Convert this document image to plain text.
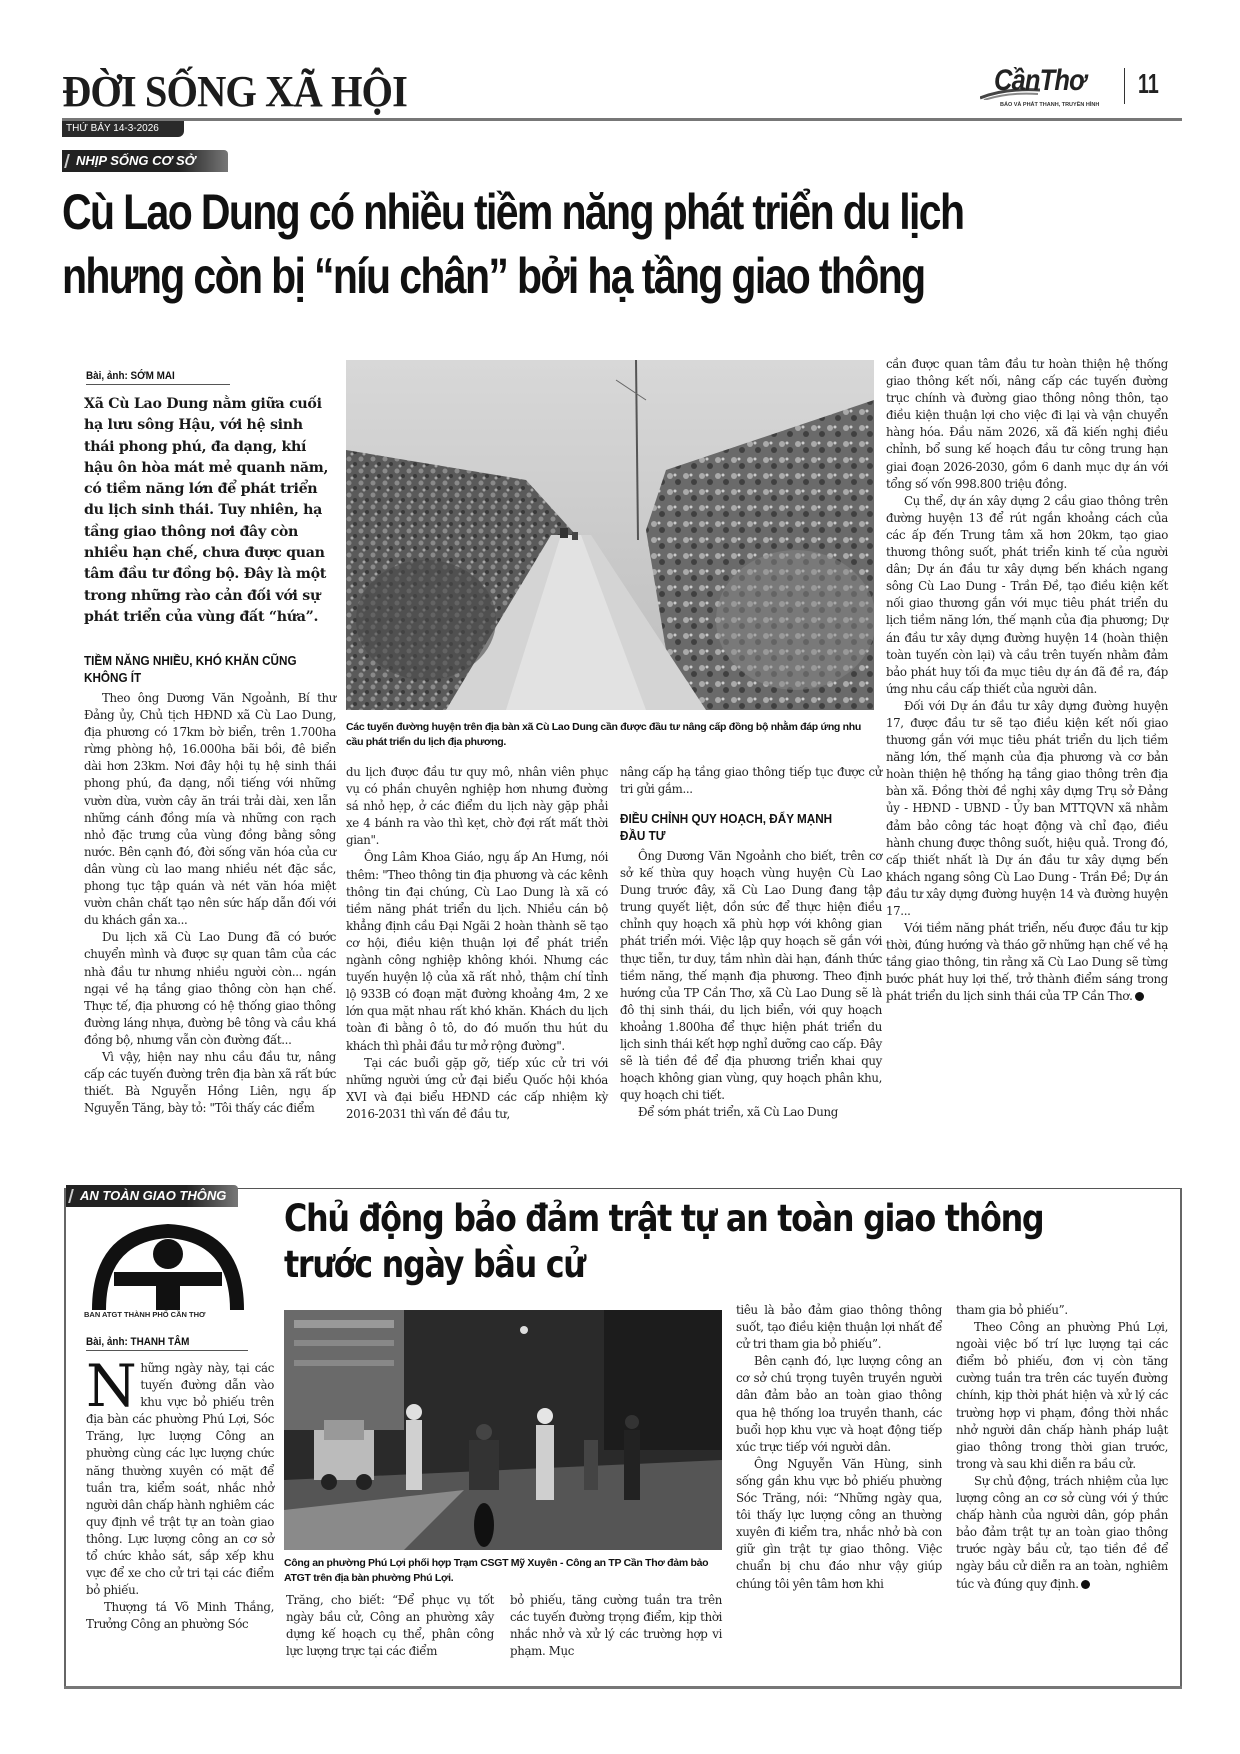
ĐỜI SỐNG XÃ HỘI
THỨ BẢY 14-3-2026
CầnThơ
BÁO VÀ PHÁT THANH, TRUYỀN HÌNH
11
NHỊP SỐNG CƠ SỞ
Cù Lao Dung có nhiều tiềm năng phát triển du lịch
nhưng còn bị “níu chân” bởi hạ tầng giao thông
Bài, ảnh: SỚM MAI
Xã Cù Lao Dung nằm giữa cuối hạ lưu sông Hậu, với hệ sinh thái phong phú, đa dạng, khí hậu ôn hòa mát mẻ quanh năm, có tiềm năng lớn để phát triển du lịch sinh thái. Tuy nhiên, hạ tầng giao thông nơi đây còn nhiều hạn chế, chưa được quan tâm đầu tư đồng bộ. Đây là một trong những rào cản đối với sự phát triển của vùng đất “hứa”.
TIỀM NĂNG NHIỀU, KHÓ KHĂN CŨNG KHÔNG ÍT

Theo ông Dương Văn Ngoảnh, Bí thư Đảng ủy, Chủ tịch HĐND xã Cù Lao Dung, địa phương có 17km bờ biển, trên 1.700ha rừng phòng hộ, 16.000ha bãi bồi, đê biển dài hơn 23km. Nơi đây hội tụ hệ sinh thái phong phú, đa dạng, nổi tiếng với những vườn dừa, vườn cây ăn trái trải dài, xen lẫn những cánh đồng mía và những con rạch nhỏ đặc trưng của vùng đồng bằng sông nước. Bên cạnh đó, đời sống văn hóa của cư dân vùng cù lao mang nhiều nét đặc sắc, phong tục tập quán và nét văn hóa miệt vườn chân chất tạo nên sức hấp dẫn đối với du khách gần xa...

Du lịch xã Cù Lao Dung đã có bước chuyển mình và được sự quan tâm của các nhà đầu tư nhưng nhiều người còn... ngán ngại về hạ tầng giao thông còn hạn chế. Thực tế, địa phương có hệ thống giao thông đường láng nhựa, đường bê tông và cầu khá đồng bộ, nhưng vẫn còn đường đất...

Vì vậy, hiện nay nhu cầu đầu tư, nâng cấp các tuyến đường trên địa bàn xã rất bức thiết. Bà Nguyễn Hồng Liên, ngụ ấp Nguyễn Tăng, bày tỏ: "Tôi thấy các điểm

Các tuyến đường huyện trên địa bàn xã Cù Lao Dung cần được đầu tư nâng cấp đồng bộ nhằm đáp ứng nhu cầu phát triển du lịch địa phương.

du lịch được đầu tư quy mô, nhân viên phục vụ có phần chuyên nghiệp hơn nhưng đường sá nhỏ hẹp, ở các điểm du lịch này gặp phải xe 4 bánh ra vào thì kẹt, chờ đợi rất mất thời gian".

Ông Lâm Khoa Giáo, ngụ ấp An Hưng, nói thêm: "Theo thông tin địa phương và các kênh thông tin đại chúng, Cù Lao Dung là xã có tiềm năng phát triển du lịch. Nhiều cán bộ khẳng định cầu Đại Ngãi 2 hoàn thành sẽ tạo cơ hội, điều kiện thuận lợi để phát triển ngành công nghiệp không khói. Nhưng các tuyến huyện lộ của xã rất nhỏ, thậm chí tỉnh lộ 933B có đoạn mặt đường khoảng 4m, 2 xe lớn qua mặt nhau rất khó khăn. Khách du lịch toàn đi bằng ô tô, do đó muốn thu hút du khách thì phải đầu tư mở rộng đường".

Tại các buổi gặp gỡ, tiếp xúc cử tri với những người ứng cử đại biểu Quốc hội khóa XVI và đại biểu HĐND các cấp nhiệm kỳ 2016-2031 thì vấn đề đầu tư,

nâng cấp hạ tầng giao thông tiếp tục được cử tri gửi gắm...

ĐIỀU CHỈNH QUY HOẠCH, ĐẨY MẠNH ĐẦU TƯ

Ông Dương Văn Ngoảnh cho biết, trên cơ sở kế thừa quy hoạch vùng huyện Cù Lao Dung trước đây, xã Cù Lao Dung đang tập trung quyết liệt, dồn sức để thực hiện điều chỉnh quy hoạch xã phù hợp với không gian phát triển mới. Việc lập quy hoạch sẽ gắn với thực tiễn, tư duy, tầm nhìn dài hạn, đánh thức tiềm năng, thế mạnh địa phương. Theo định hướng của TP Cần Thơ, xã Cù Lao Dung sẽ là đô thị sinh thái, du lịch biển, với quy hoạch khoảng 1.800ha để thực hiện phát triển du lịch sinh thái kết hợp nghỉ dưỡng cao cấp. Đây sẽ là tiền đề để địa phương triển khai quy hoạch không gian vùng, quy hoạch phân khu, quy hoạch chi tiết.

Để sớm phát triển, xã Cù Lao Dung

cần được quan tâm đầu tư hoàn thiện hệ thống giao thông kết nối, nâng cấp các tuyến đường trục chính và đường giao thông nông thôn, tạo điều kiện thuận lợi cho việc đi lại và vận chuyển hàng hóa. Đầu năm 2026, xã đã kiến nghị điều chỉnh, bổ sung kế hoạch đầu tư công trung hạn giai đoạn 2026-2030, gồm 6 danh mục dự án với tổng số vốn 998.800 triệu đồng.

Cụ thể, dự án xây dựng 2 cầu giao thông trên đường huyện 13 để rút ngắn khoảng cách của các ấp đến Trung tâm xã hơn 20km, tạo giao thương thông suốt, phát triển kinh tế của người dân; Dự án đầu tư xây dựng bến khách ngang sông Cù Lao Dung - Trần Đề, tạo điều kiện kết nối giao thương gắn với mục tiêu phát triển du lịch tiềm năng lớn, thế mạnh của địa phương; Dự án đầu tư xây dựng đường huyện 14 (hoàn thiện toàn tuyến còn lại) và cầu trên tuyến nhằm đảm bảo phát huy tối đa mục tiêu dự án đã đề ra, đáp ứng nhu cầu cấp thiết của người dân.

Đối với Dự án đầu tư xây dựng đường huyện 17, được đầu tư sẽ tạo điều kiện kết nối giao thương gắn với mục tiêu phát triển du lịch tiềm năng lớn, thế mạnh của địa phương và cơ bản hoàn thiện hệ thống hạ tầng giao thông trên địa bàn xã. Đồng thời đề nghị xây dựng Trụ sở Đảng ủy - HĐND - UBND - Ủy ban MTTQVN xã nhằm đảm bảo công tác hoạt động và chỉ đạo, điều hành chung được thông suốt, hiệu quả. Trong đó, cấp thiết nhất là Dự án đầu tư xây dựng bến khách ngang sông Cù Lao Dung - Trần Đề; Dự án đầu tư xây dựng đường huyện 14 và đường huyện 17...

Với tiềm năng phát triển, nếu được đầu tư kịp thời, đúng hướng và tháo gỡ những hạn chế về hạ tầng giao thông, tin rằng xã Cù Lao Dung sẽ từng bước phát huy lợi thế, trở thành điểm sáng trong phát triển du lịch sinh thái của TP Cần Thơ.

AN TOÀN GIAO THÔNG
BAN ATGT THÀNH PHỐ CẦN THƠ
Chủ động bảo đảm trật tự an toàn giao thông trước ngày bầu cử
Bài, ảnh: THANH TÂM

Những ngày này, tại các tuyến đường dẫn vào khu vực bỏ phiếu trên địa bàn các phường Phú Lợi, Sóc Trăng, lực lượng Công an phường cùng các lực lượng chức năng thường xuyên có mặt để tuần tra, kiểm soát, nhắc nhở người dân chấp hành nghiêm các quy định về trật tự an toàn giao thông. Lực lượng công an cơ sở tổ chức khảo sát, sắp xếp khu vực để xe cho cử tri tại các điểm bỏ phiếu.

Thượng tá Võ Minh Thắng, Trưởng Công an phường Sóc

Công an phường Phú Lợi phối hợp Trạm CSGT Mỹ Xuyên - Công an TP Cần Thơ đảm bảo ATGT trên địa bàn phường Phú Lợi.

Trăng, cho biết: “Để phục vụ tốt ngày bầu cử, Công an phường xây dựng kế hoạch cụ thể, phân công lực lượng trực tại các điểm

bỏ phiếu, tăng cường tuần tra trên các tuyến đường trọng điểm, kịp thời nhắc nhở và xử lý các trường hợp vi phạm. Mục

tiêu là bảo đảm giao thông thông suốt, tạo điều kiện thuận lợi nhất để cử tri tham gia bỏ phiếu”.

Bên cạnh đó, lực lượng công an cơ sở chú trọng tuyên truyền người dân đảm bảo an toàn giao thông qua hệ thống loa truyền thanh, các buổi họp khu vực và hoạt động tiếp xúc trực tiếp với người dân.

Ông Nguyễn Văn Hùng, sinh sống gần khu vực bỏ phiếu phường Sóc Trăng, nói: “Những ngày qua, tôi thấy lực lượng công an thường xuyên đi kiểm tra, nhắc nhở bà con giữ gìn trật tự giao thông. Việc chuẩn bị chu đáo như vậy giúp chúng tôi yên tâm hơn khi

tham gia bỏ phiếu”.

Theo Công an phường Phú Lợi, ngoài việc bố trí lực lượng tại các điểm bỏ phiếu, đơn vị còn tăng cường tuần tra trên các tuyến đường chính, kịp thời phát hiện và xử lý các trường hợp vi phạm, đồng thời nhắc nhở người dân chấp hành pháp luật giao thông trong thời gian trước, trong và sau khi diễn ra bầu cử.

Sự chủ động, trách nhiệm của lực lượng công an cơ sở cùng với ý thức chấp hành của người dân, góp phần bảo đảm trật tự an toàn giao thông trước ngày bầu cử, tạo tiền đề để ngày bầu cử diễn ra an toàn, nghiêm túc và đúng quy định.
